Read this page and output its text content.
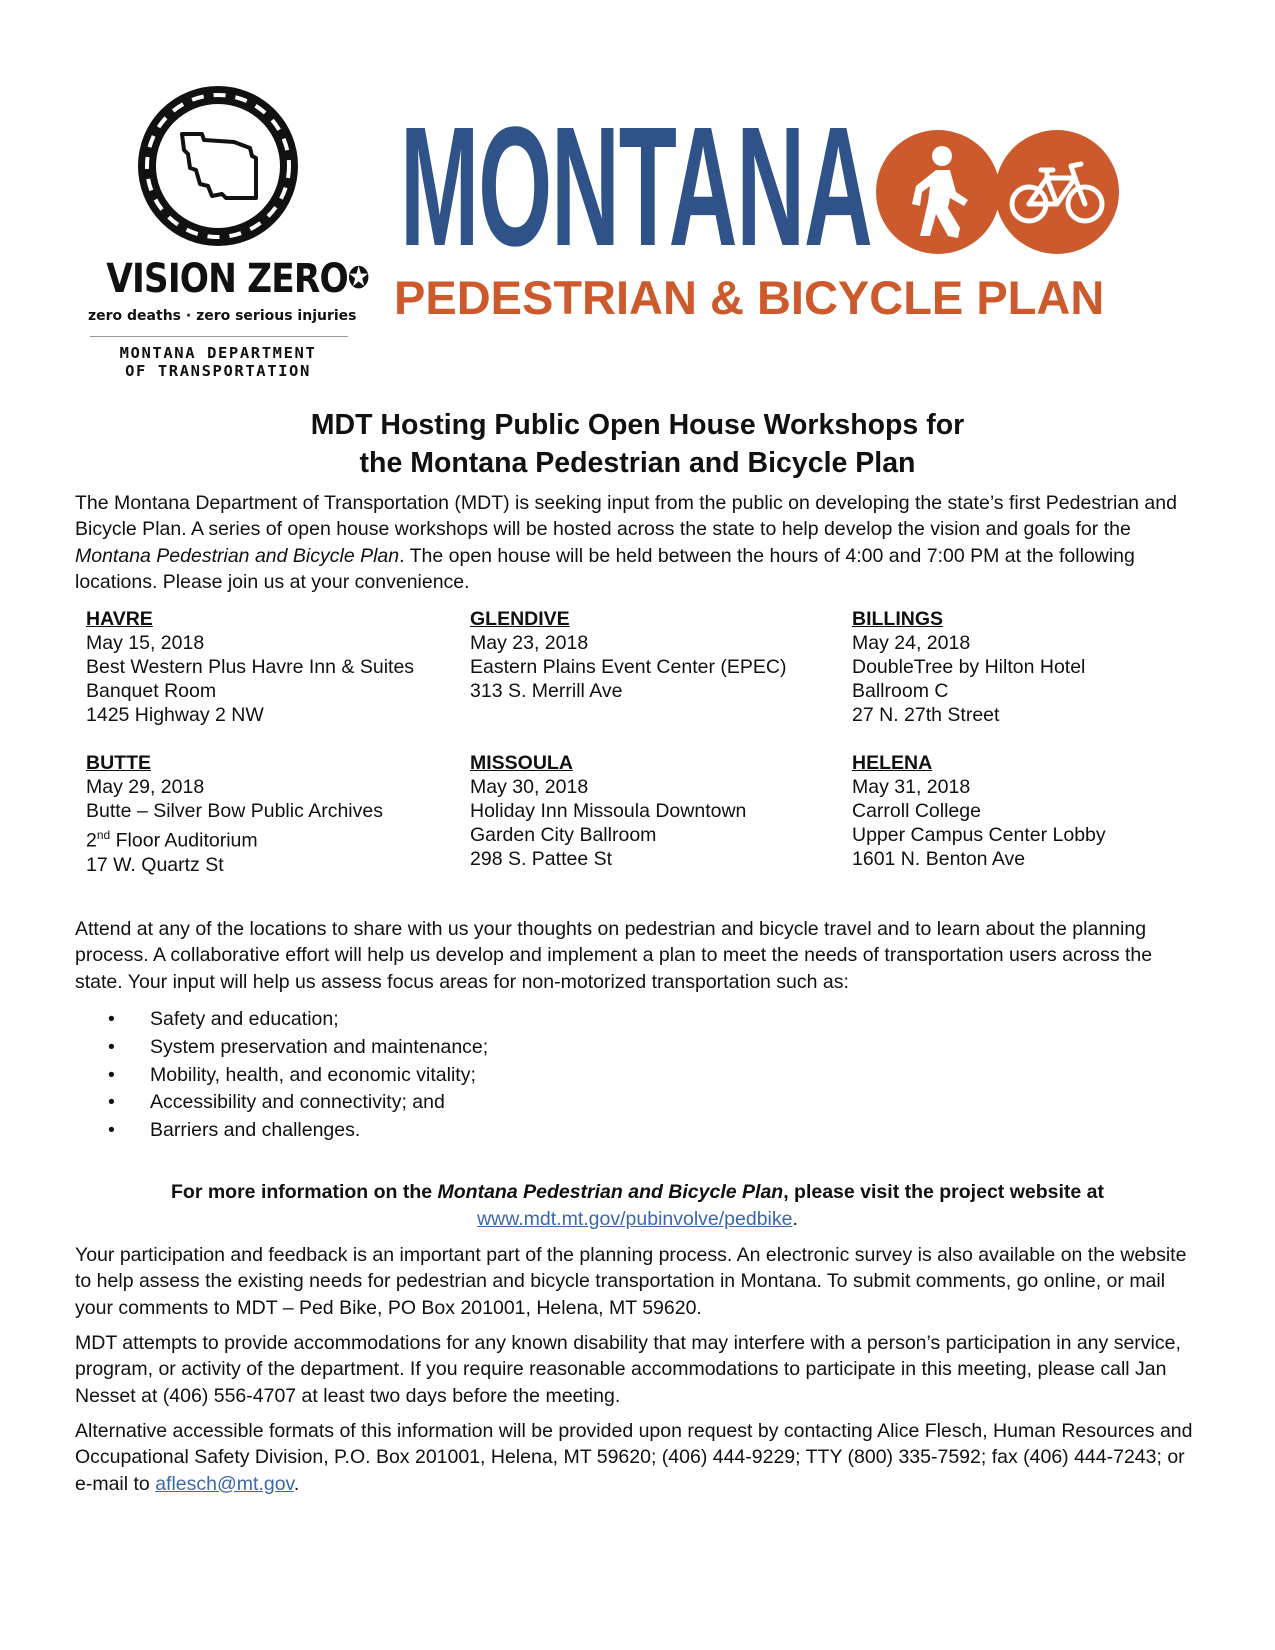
VISION ZERO✪
zero deaths · zero serious injuries
MONTANA DEPARTMENT
OF TRANSPORTATION
MONTANA
PEDESTRIAN & BICYCLE PLAN
MDT Hosting Public Open House Workshops for
the Montana Pedestrian and Bicycle Plan

The Montana Department of Transportation (MDT) is seeking input from the public on developing the state’s first Pedestrian and Bicycle Plan. A series of open house workshops will be hosted across the state to help develop the vision and goals for the Montana Pedestrian and Bicycle Plan. The open house will be held between the hours of 4:00 and 7:00 PM at the following locations. Please join us at your convenience.

HAVRE
May 15, 2018
Best Western Plus Havre Inn & Suites
Banquet Room
1425 Highway 2 NW
GLENDIVE
May 23, 2018
Eastern Plains Event Center (EPEC)
313 S. Merrill Ave
BILLINGS
May 24, 2018
DoubleTree by Hilton Hotel
Ballroom C
27 N. 27th Street
BUTTE
May 29, 2018
Butte – Silver Bow Public Archives
2nd Floor Auditorium
17 W. Quartz St
MISSOULA
May 30, 2018
Holiday Inn Missoula Downtown
Garden City Ballroom
298 S. Pattee St
HELENA
May 31, 2018
Carroll College
Upper Campus Center Lobby
1601 N. Benton Ave

Attend at any of the locations to share with us your thoughts on pedestrian and bicycle travel and to learn about the planning process. A collaborative effort will help us develop and implement a plan to meet the needs of transportation users across the state. Your input will help us assess focus areas for non-motorized transportation such as:

•	Safety and education;
•	System preservation and maintenance;
•	Mobility, health, and economic vitality;
•	Accessibility and connectivity; and
•	Barriers and challenges.
For more information on the Montana Pedestrian and Bicycle Plan, please visit the project website at
www.mdt.mt.gov/pubinvolve/pedbike.

Your participation and feedback is an important part of the planning process. An electronic survey is also available on the website to help assess the existing needs for pedestrian and bicycle transportation in Montana. To submit comments, go online, or mail your comments to MDT – Ped Bike, PO Box 201001, Helena, MT 59620.

MDT attempts to provide accommodations for any known disability that may interfere with a person’s participation in any service, program, or activity of the department. If you require reasonable accommodations to participate in this meeting, please call Jan Nesset at (406) 556-4707 at least two days before the meeting.

Alternative accessible formats of this information will be provided upon request by contacting Alice Flesch, Human Resources and Occupational Safety Division, P.O. Box 201001, Helena, MT 59620; (406) 444-9229; TTY (800) 335-7592; fax (406) 444-7243; or e-mail to aflesch@mt.gov.
